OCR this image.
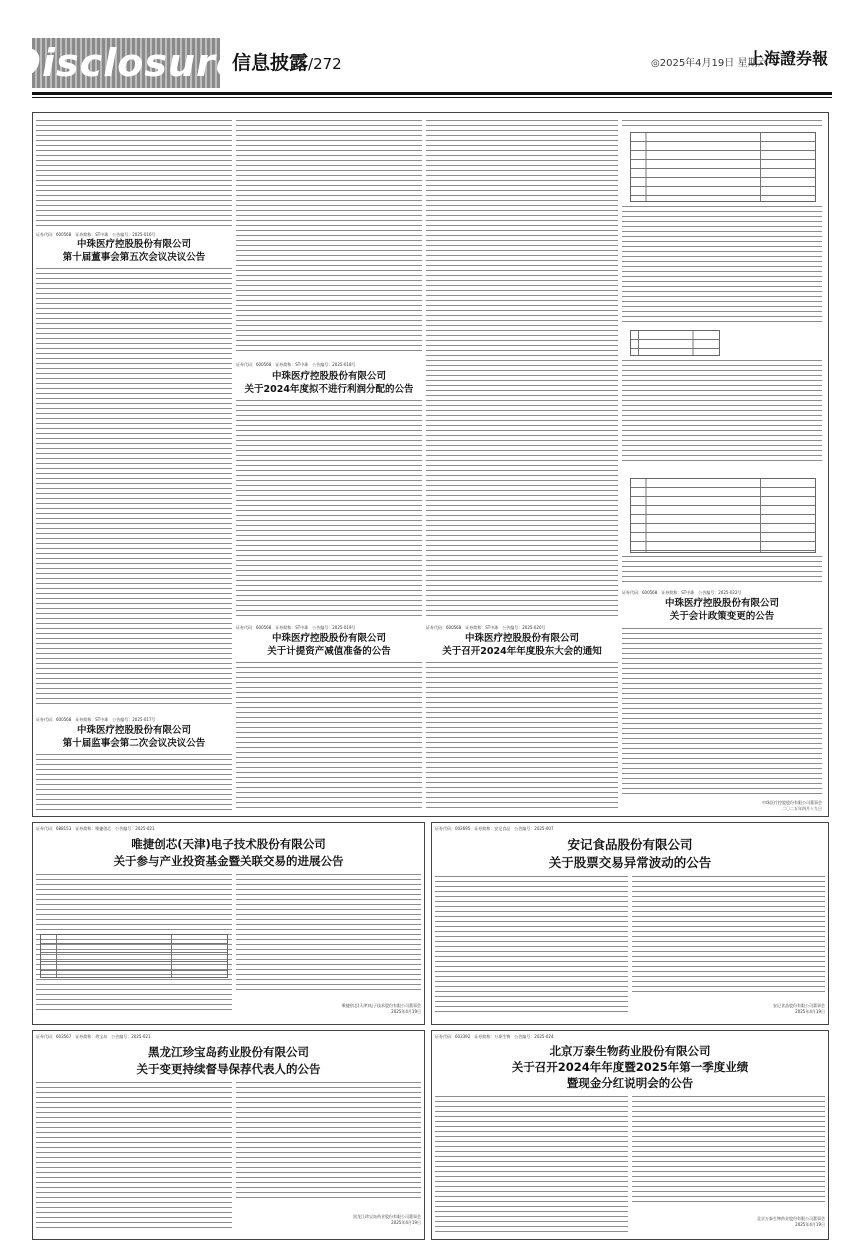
Disclosure
信息披露/272	◎2025年4月19日 星期六
上海證券報
证券代码：600568　证券简称：ST中珠　公告编号：2025-016号
中珠医疗控股股份有限公司
第十届董事会第五次会议决议公告
证券代码：600568　证券简称：ST中珠　公告编号：2025-017号
中珠医疗控股股份有限公司
第十届监事会第二次会议决议公告
证券代码：600568　证券简称：ST中珠　公告编号：2025-018号
中珠医疗控股股份有限公司
关于2024年度拟不进行利润分配的公告
证券代码：600568　证券简称：ST中珠　公告编号：2025-019号
中珠医疗控股股份有限公司
关于计提资产减值准备的公告
证券代码：600568　证券简称：ST中珠　公告编号：2025-020号
中珠医疗控股股份有限公司
关于召开2024年年度股东大会的通知
证券代码：600568　证券简称：ST中珠　公告编号：2025-022号
中珠医疗控股股份有限公司
关于会计政策变更的公告
中珠医疗控股股份有限公司董事会
二〇二五年四月十九日
证券代码：688153　证券简称：唯捷创芯　公告编号：2025-021
唯捷创芯(天津)电子技术股份有限公司
关于参与产业投资基金暨关联交易的进展公告
唯捷创芯(天津)电子技术股份有限公司董事会
2025年4月19日
证券代码：002695　证券简称：安记食品　公告编号：2025-007
安记食品股份有限公司
关于股票交易异常波动的公告
安记食品股份有限公司董事会
2025年4月19日
证券代码：603567　证券简称：珍宝岛　公告编号：2025-021
黑龙江珍宝岛药业股份有限公司
关于变更持续督导保荐代表人的公告
黑龙江珍宝岛药业股份有限公司董事会
2025年4月19日
证券代码：603392　证券简称：万泰生物　公告编号：2025-024
北京万泰生物药业股份有限公司
关于召开2024年年度暨2025年第一季度业绩
暨现金分红说明会的公告
北京万泰生物药业股份有限公司董事会
2025年4月19日
